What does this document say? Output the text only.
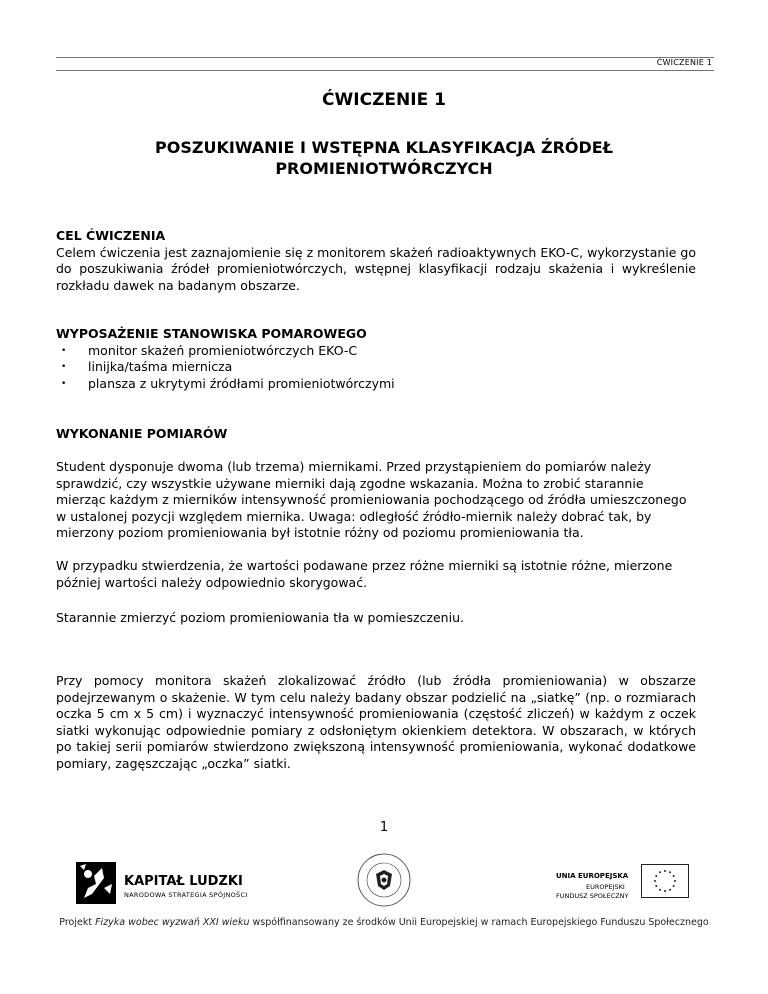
ĆWICZENIE 1
ĆWICZENIE 1
POSZUKIWANIE I WSTĘPNA KLASYFIKACJA ŹRÓDEŁ PROMIENIOTWÓRCZYCH
CEL ĆWICZENIA
Celem ćwiczenia jest zaznajomienie się z monitorem skażeń radioaktywnych EKO-C, wykorzystanie go do poszukiwania źródeł promieniotwórczych, wstępnej klasyfikacji rodzaju skażenia i wykreślenie rozkładu dawek na badanym obszarze.
WYPOSAŻENIE STANOWISKA POMAROWEGO
• monitor skażeń promieniotwórczych EKO-C
• linijka/taśma miernicza
• plansza z ukrytymi źródłami promieniotwórczymi
WYKONANIE POMIARÓW
Student dysponuje dwoma (lub trzema) miernikami. Przed przystąpieniem do pomiarów należy sprawdzić, czy wszystkie używane mierniki dają zgodne wskazania. Można to zrobić starannie mierząc każdym z mierników intensywność promieniowania pochodzącego od źródła umieszczonego w ustalonej pozycji względem miernika. Uwaga: odległość źródło-miernik należy dobrać tak, by mierzony poziom promieniowania był istotnie różny od poziomu promieniowania tła.
W przypadku stwierdzenia, że wartości podawane przez różne mierniki są istotnie różne, mierzone później wartości należy odpowiednio skorygować.
Starannie zmierzyć poziom promieniowania tła w pomieszczeniu.
Przy pomocy monitora skażeń zlokalizować źródło (lub źródła promieniowania) w obszarze podejrzewanym o skażenie. W tym celu należy badany obszar podzielić na „siatkę” (np. o rozmiarach oczka 5 cm x 5 cm) i wyznaczyć intensywność promieniowania (częstość zliczeń) w każdym z oczek siatki wykonując odpowiednie pomiary z odsłoniętym okienkiem detektora. W obszarach, w których po takiej serii pomiarów stwierdzono zwiększoną intensywność promieniowania, wykonać dodatkowe pomiary, zagęszczając „oczka” siatki.
1
KAPITAŁ LUDZKI
NARODOWA STRATEGIA SPÓJNOŚCI
UNIA EUROPEJSKA
EUROPEJSKI
FUNDUSZ SPOŁECZNY
Projekt Fizyka wobec wyzwań XXI wieku współfinansowany ze środków Unii Europejskiej w ramach Europejskiego Funduszu Społecznego
